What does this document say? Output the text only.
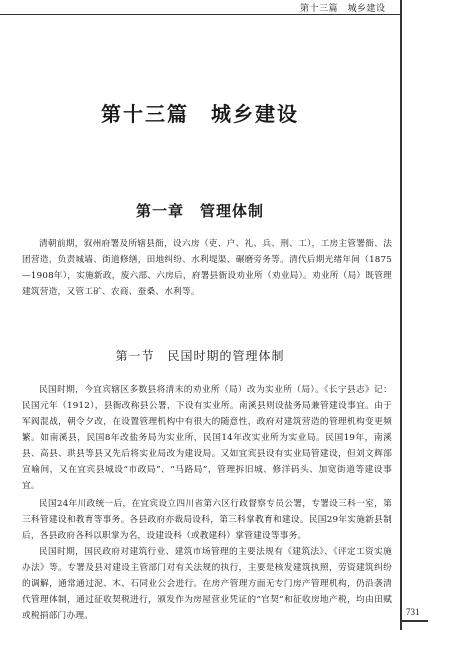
第十三篇　城乡建设
第十三篇　城乡建设
第一章　管理体制

清朝前期，叙州府署及所辖县衙，设六房（吏、户、礼、兵、刑、工），工房主管署衙、法团营造，负责城墙、街道修缮，田地纠纷、水利堤渠、碾磨旁务等。清代后期光绪年间（1875—1908年），实施新政，废六部、六房后，府署县衙设劝业所（劝业局）。劝业所（局）既管理建筑营造，又管工矿、农商、蚕桑、水利等。

第一节　民国时期的管理体制

民国时期，今宜宾辖区多数县将清末的劝业所（局）改为实业所（局）。《长宁县志》记：民国元年（1912），县衙改称县公署，下设有实业所。南溪县则设盐务局兼管建设事宜。由于军阀混战，朝令夕改，在设置管理机构中有很大的随意性，政府对建筑营造的管理机构变更频繁。如南溪县，民国8年改盐务局为实业所，民国14年改实业所为实业局。民国19年，南溪县、高县、珙县等县又先后将实业局改为建设局。又如宜宾县设有实业局管建设，但刘文辉部宣喻间，又在宜宾县城设“市政局”、“马路局”，管理拆旧城、修洋码头、加宽街道等建设事宜。

民国24年川政统一后，在宜宾设立四川省第六区行政督察专员公署，专署设三科一室，第三科管建设和教育等事务。各县政府亦裁局设科，第三科掌教育和建设。民国29年实施新县制后，各县政府各科以职掌为名，设建设科（或教建科）掌管建设等事务。

民国时期，国民政府对建筑行业、建筑市场管理的主要法规有《建筑法》、《评定工资实施办法》等。专署及县对建设主管部门对有关法规的执行，主要是核发建筑执照，劳资建筑纠纷的调解，通常通过泥、木、石同业公会进行。在房产管理方面无专门房产管理机构，仍沿袭清代管理体制，通过征收契税进行，颁发作为房屋营业凭证的“官契”和征收房地产税，均由田赋或税捐部门办理。	731
